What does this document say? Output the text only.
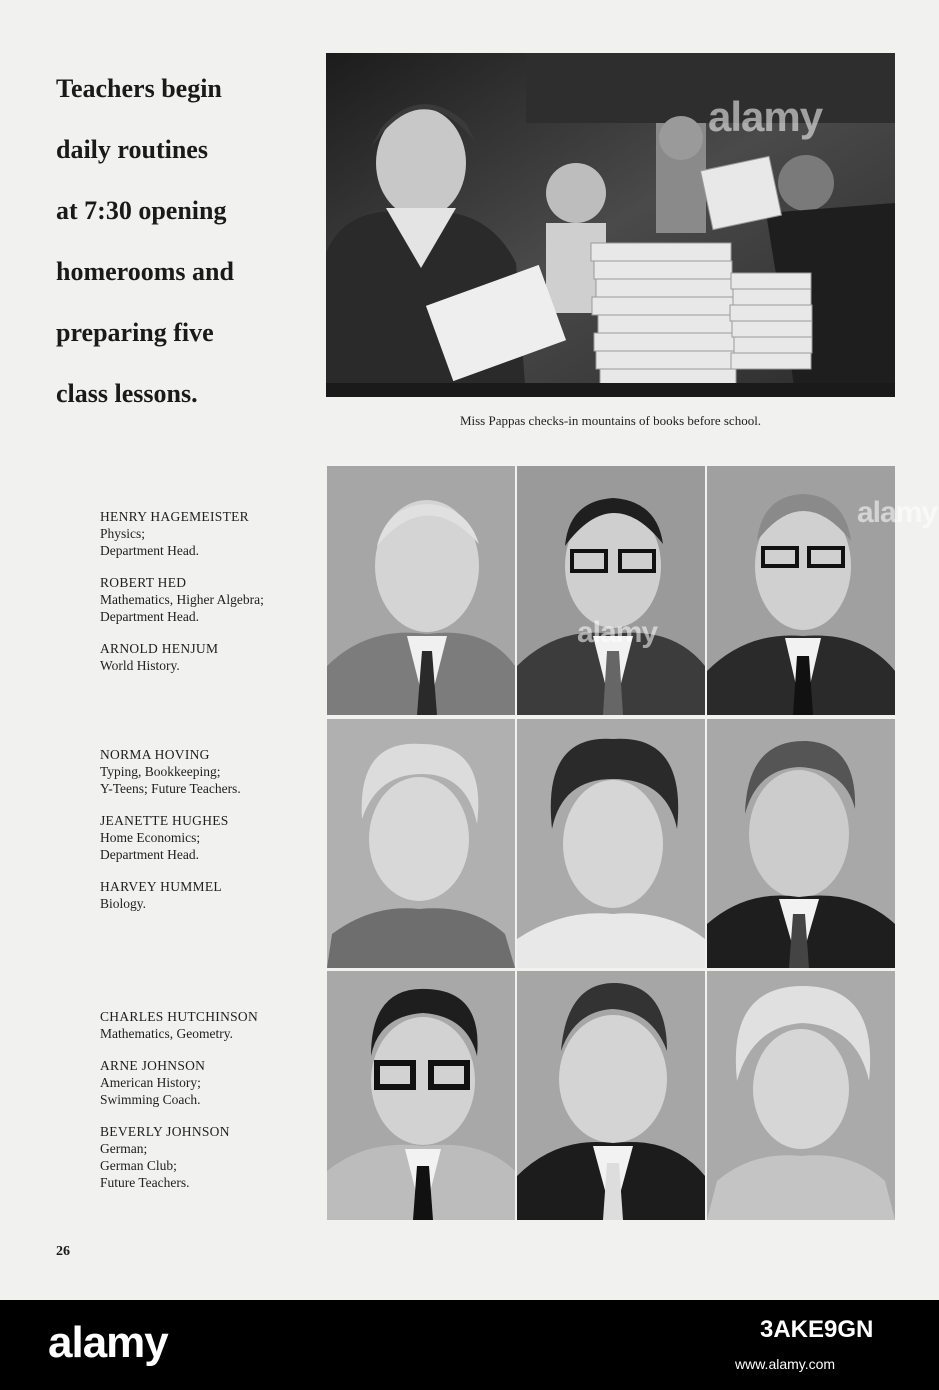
Teachers begin
daily routines
at 7:30 opening
homerooms and
preparing five
class lessons.
alamy
Miss Pappas checks-in mountains of books before school.
HENRY HAGEMEISTER
Physics;
Department Head.
ROBERT HED
Mathematics, Higher Algebra;
Department Head.
ARNOLD HENJUM
World History.
NORMA HOVING
Typing, Bookkeeping;
Y-Teens; Future Teachers.
JEANETTE HUGHES
Home Economics;
Department Head.
HARVEY HUMMEL
Biology.
CHARLES HUTCHINSON
Mathematics, Geometry.
ARNE JOHNSON
American History;
Swimming Coach.
BEVERLY JOHNSON
German;
German Club;
Future Teachers.
alamy
alamy
26
alamy	3AKE9GN
www.alamy.com
